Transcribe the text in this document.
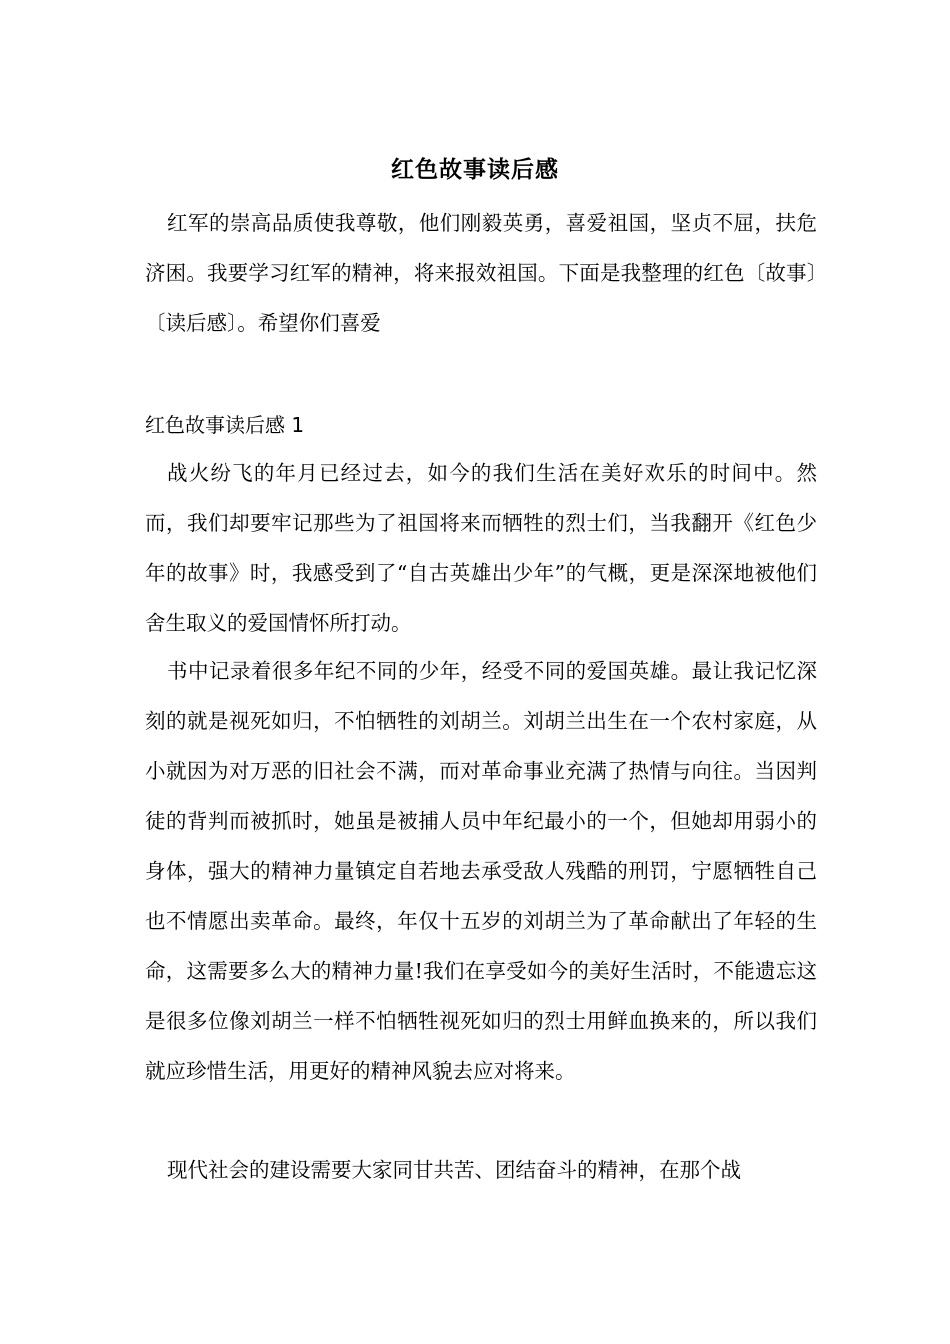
红色故事读后感

红军的崇高品质使我尊敬，他们刚毅英勇，喜爱祖国，坚贞不屈，扶危济困。我要学习红军的精神，将来报效祖国。下面是我整理的红色〔故事〕〔读后感〕。希望你们喜爱

红色故事读后感 1

战火纷飞的年月已经过去，如今的我们生活在美好欢乐的时间中。然而，我们却要牢记那些为了祖国将来而牺牲的烈士们，当我翻开《红色少年的故事》时，我感受到了“自古英雄出少年”的气概，更是深深地被他们舍生取义的爱国情怀所打动。

书中记录着很多年纪不同的少年，经受不同的爱国英雄。最让我记忆深刻的就是视死如归，不怕牺牲的刘胡兰。刘胡兰出生在一个农村家庭，从小就因为对万恶的旧社会不满，而对革命事业充满了热情与向往。当因判徒的背判而被抓时，她虽是被捕人员中年纪最小的一个，但她却用弱小的身体，强大的精神力量镇定自若地去承受敌人残酷的刑罚，宁愿牺牲自己也不情愿出卖革命。最终，年仅十五岁的刘胡兰为了革命献出了年轻的生命，这需要多么大的精神力量!我们在享受如今的美好生活时，不能遗忘这是很多位像刘胡兰一样不怕牺牲视死如归的烈士用鲜血换来的，所以我们就应珍惜生活，用更好的精神风貌去应对将来。

现代社会的建设需要大家同甘共苦、团结奋斗的精神，在那个战
